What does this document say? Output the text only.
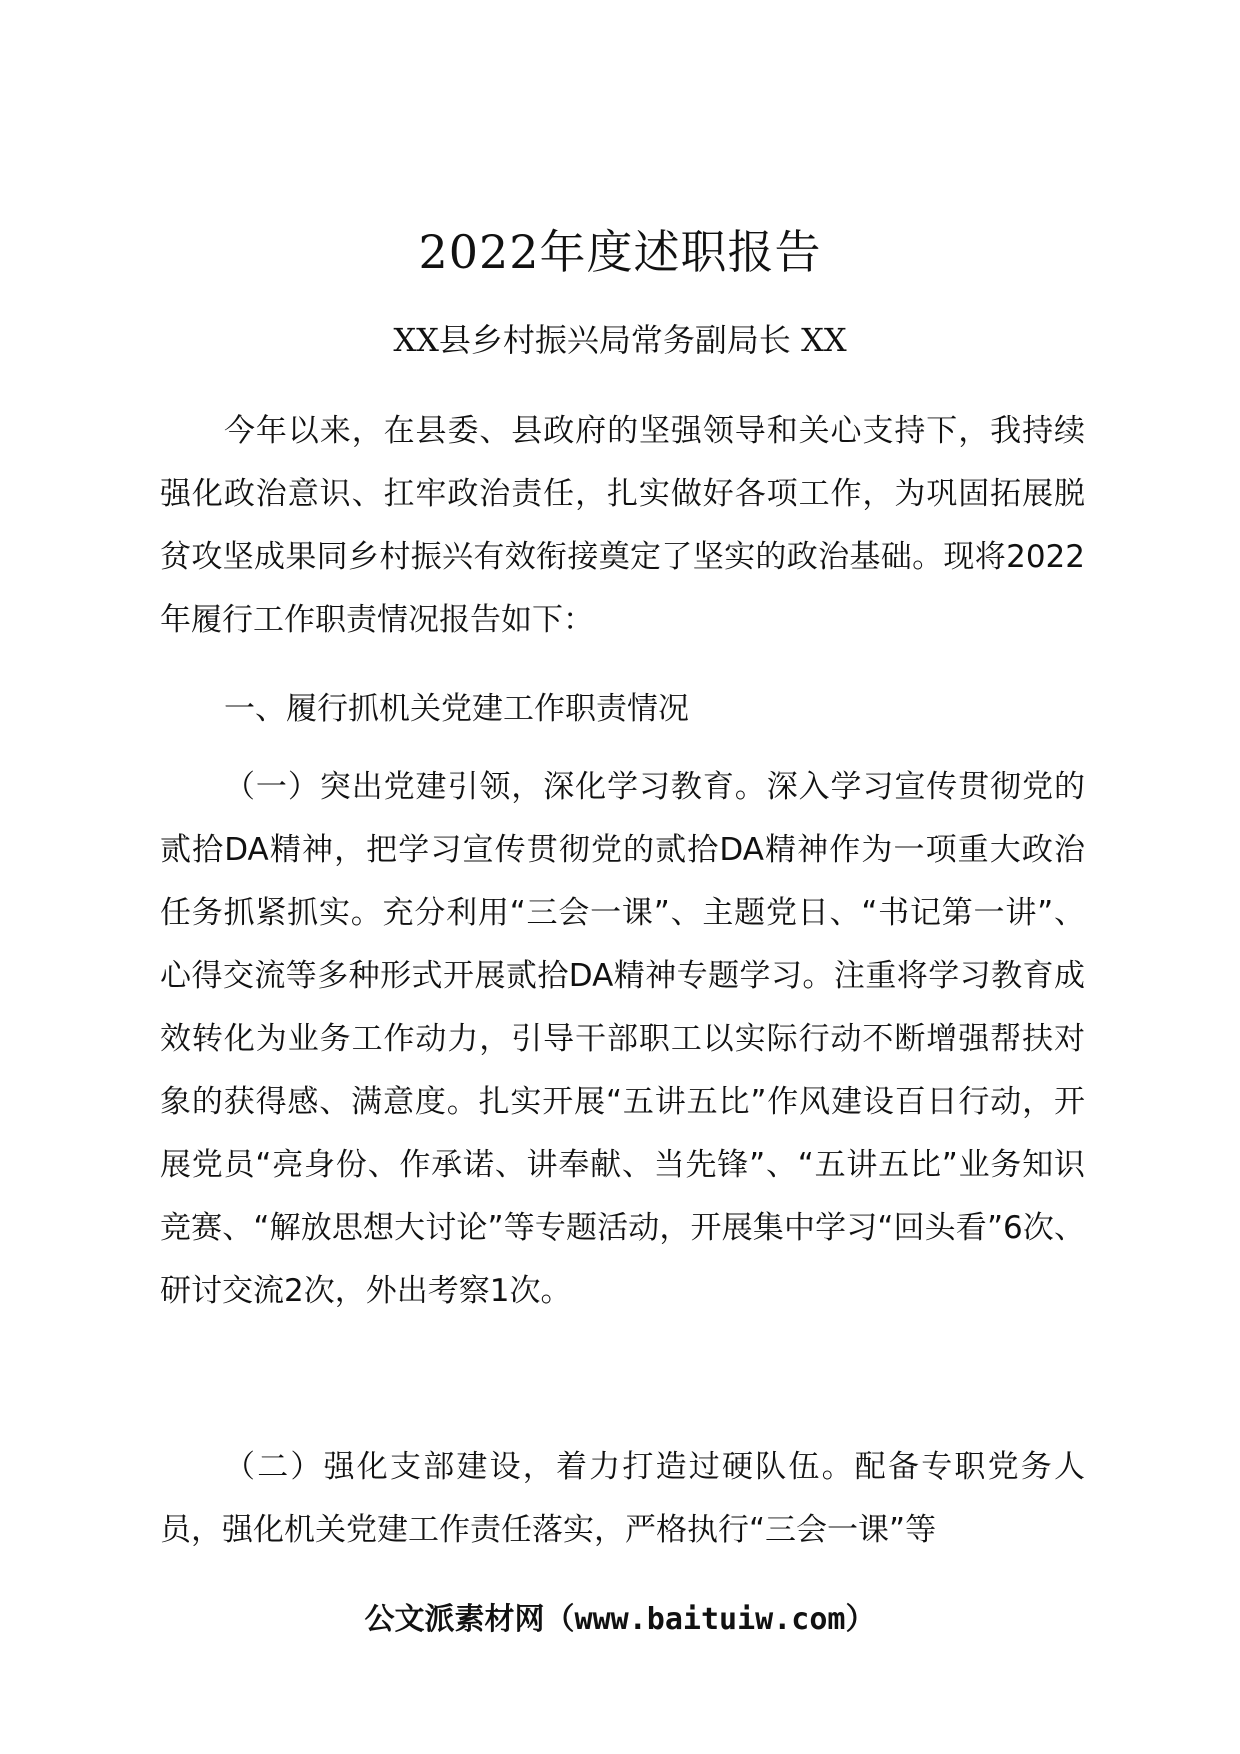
2022年度述职报告
XX县乡村振兴局常务副局长 XX
今年以来，在县委、县政府的坚强领导和关心支持下，我持续强化政治意识、扛牢政治责任，扎实做好各项工作，为巩固拓展脱贫攻坚成果同乡村振兴有效衔接奠定了坚实的政治基础。现将2022年履行工作职责情况报告如下：
一、履行抓机关党建工作职责情况
（一）突出党建引领，深化学习教育。深入学习宣传贯彻党的贰拾DA精神，把学习宣传贯彻党的贰拾DA精神作为一项重大政治任务抓紧抓实。充分利用“三会一课”、主题党日、“书记第一讲”、心得交流等多种形式开展贰拾DA精神专题学习。注重将学习教育成效转化为业务工作动力，引导干部职工以实际行动不断增强帮扶对象的获得感、满意度。扎实开展“五讲五比”作风建设百日行动，开展党员“亮身份、作承诺、讲奉献、当先锋”、“五讲五比”业务知识竞赛、“解放思想大讨论”等专题活动，开展集中学习“回头看”6次、研讨交流2次，外出考察1次。
（二）强化支部建设，着力打造过硬队伍。配备专职党务人员，强化机关党建工作责任落实，严格执行“三会一课”等
公文派素材网（www.baituiw.com）
